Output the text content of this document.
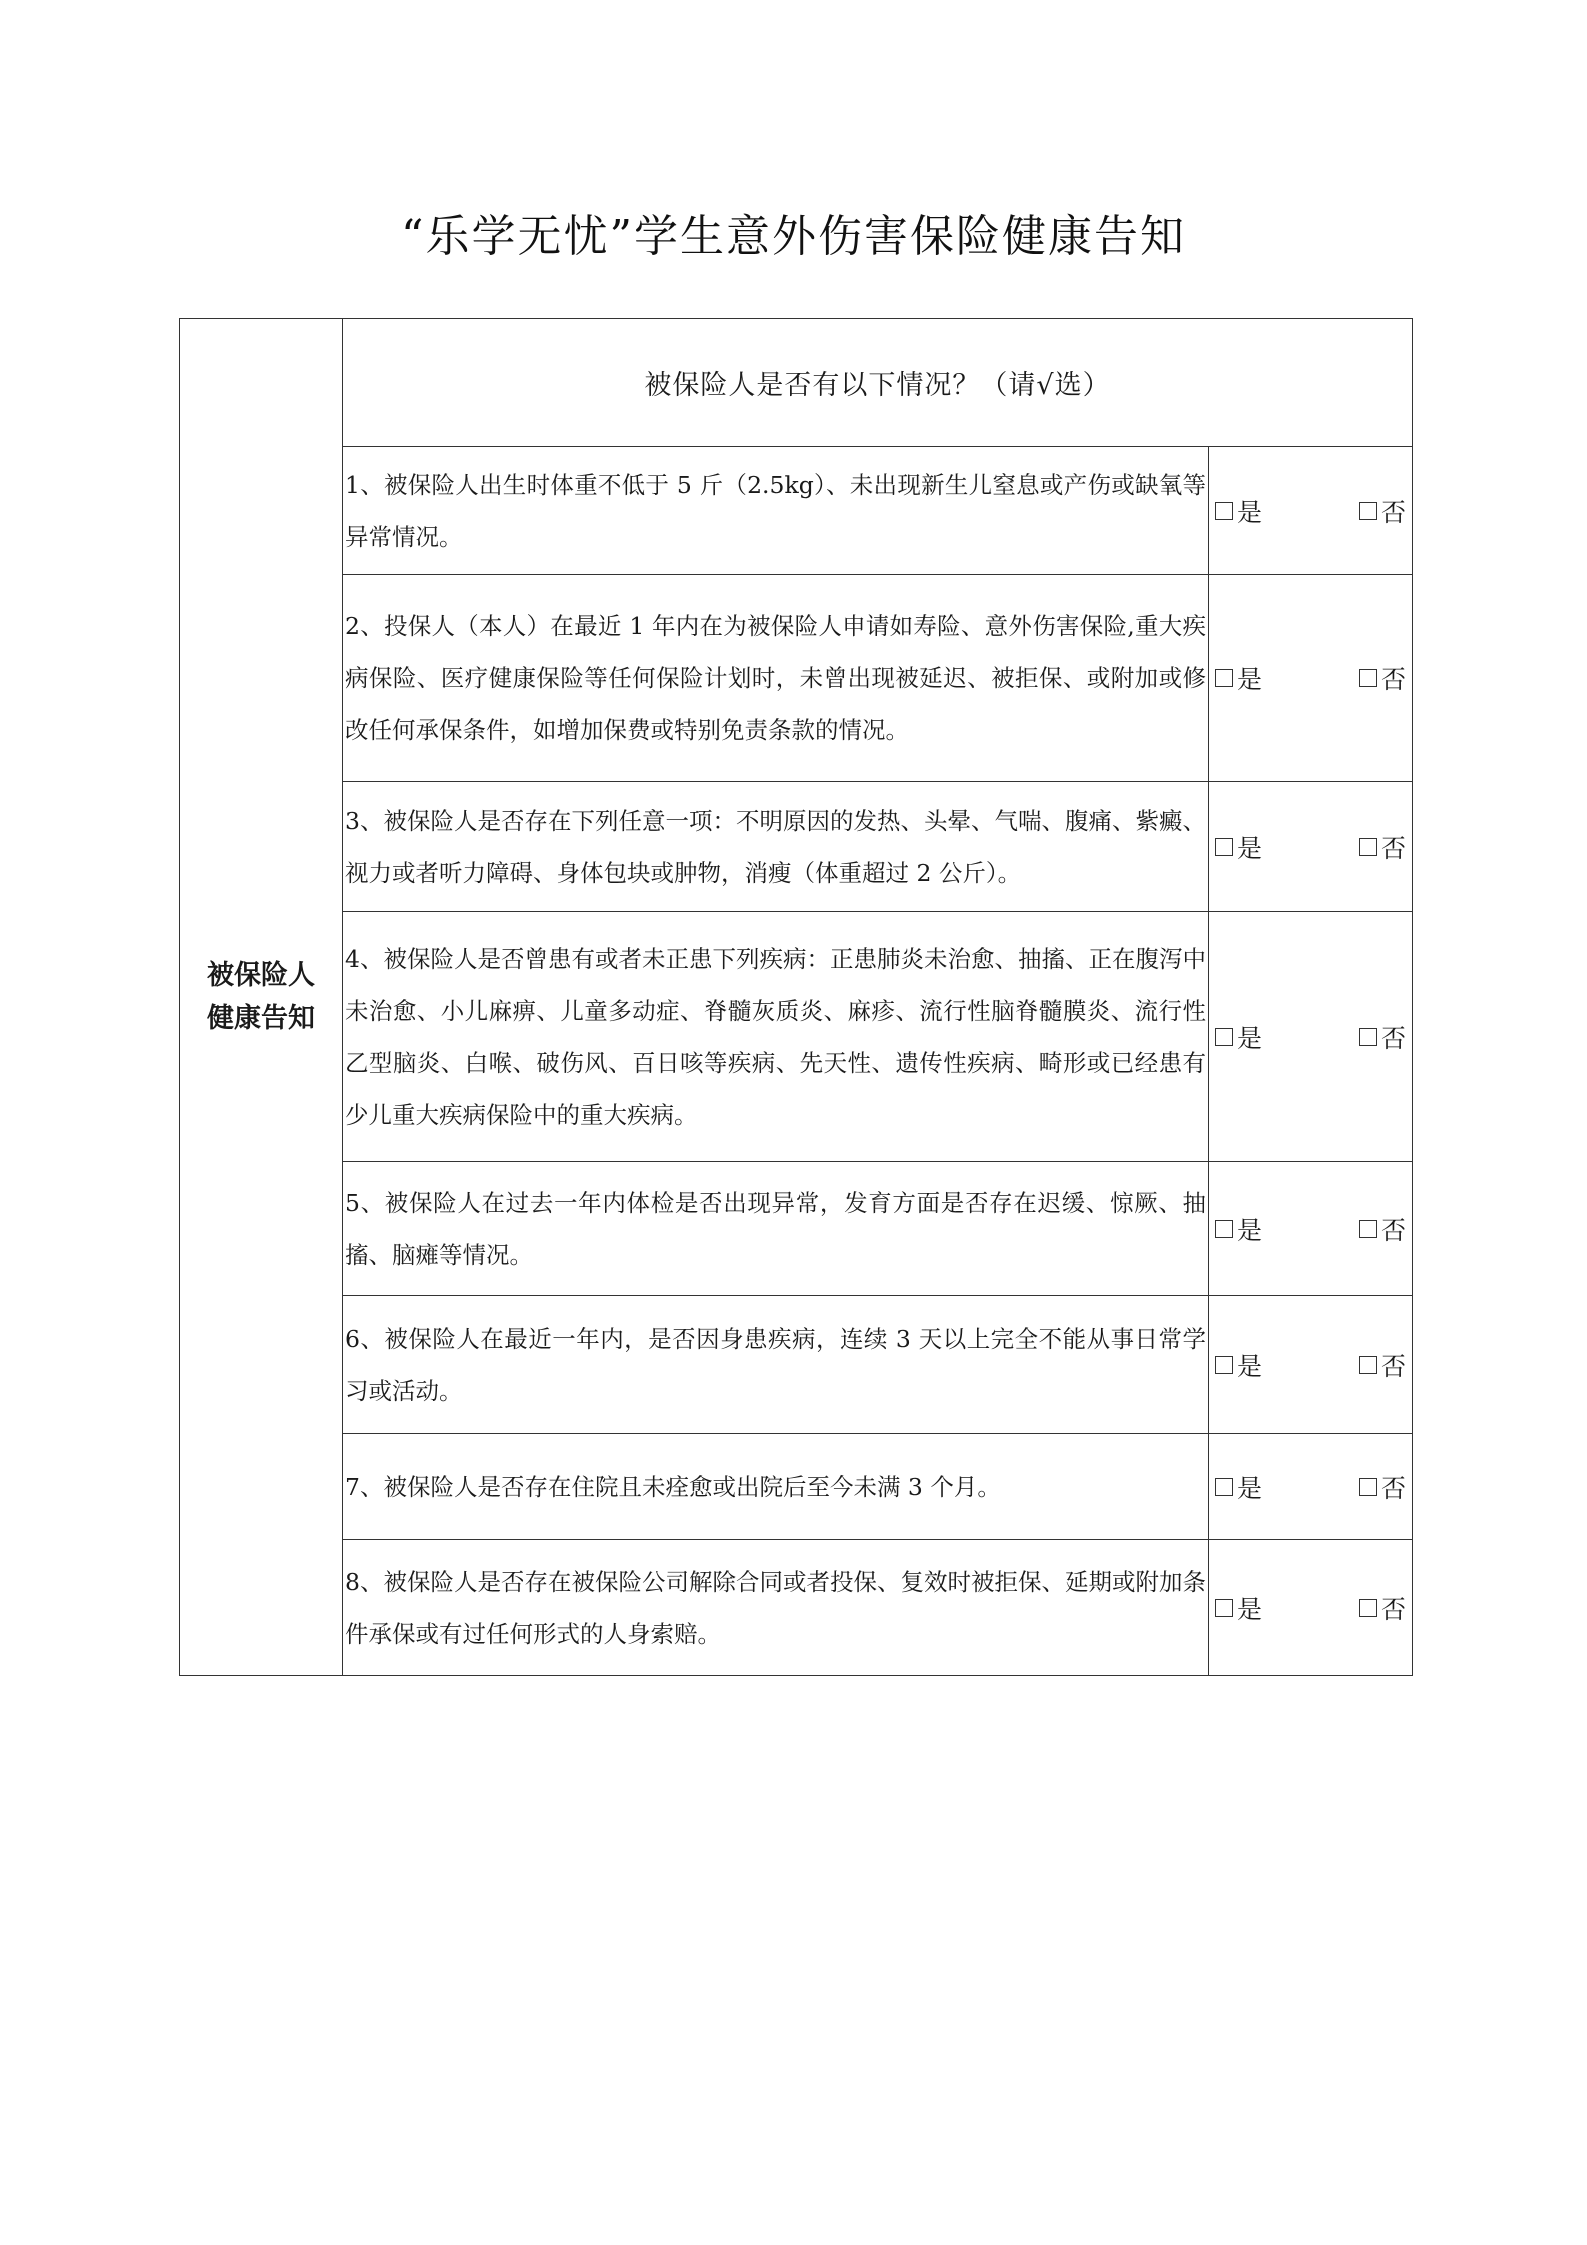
“乐学无忧”学生意外伤害保险健康告知
被保险人
健康告知	被保险人是否有以下情况？（请√选）	
	1、被保险人出生时体重不低于 5 斤（2.5kg）、未出现新生儿窒息或产伤或缺氧等异常情况。	是 否

	2、投保人（本人）在最近 1 年内在为被保险人申请如寿险、意外伤害保险,重大疾病保险、医疗健康保险等任何保险计划时，未曾出现被延迟、被拒保、或附加或修改任何承保条件，如增加保费或特别免责条款的情况。	是 否

	3、被保险人是否存在下列任意一项：不明原因的发热、头晕、气喘、腹痛、紫癜、视力或者听力障碍、身体包块或肿物，消瘦（体重超过 2 公斤）。	是 否

	4、被保险人是否曾患有或者未正患下列疾病：正患肺炎未治愈、抽搐、正在腹泻中未治愈、小儿麻痹、儿童多动症、脊髓灰质炎、麻疹、流行性脑脊髓膜炎、流行性乙型脑炎、白喉、破伤风、百日咳等疾病、先天性、遗传性疾病、畸形或已经患有少儿重大疾病保险中的重大疾病。	是 否

	5、被保险人在过去一年内体检是否出现异常，发育方面是否存在迟缓、惊厥、抽搐、脑瘫等情况。	是 否

	6、被保险人在最近一年内，是否因身患疾病，连续 3 天以上完全不能从事日常学习或活动。	是 否

	7、被保险人是否存在住院且未痊愈或出院后至今未满 3 个月。	是 否

	8、被保险人是否存在被保险公司解除合同或者投保、复效时被拒保、延期或附加条件承保或有过任何形式的人身索赔。	是 否
